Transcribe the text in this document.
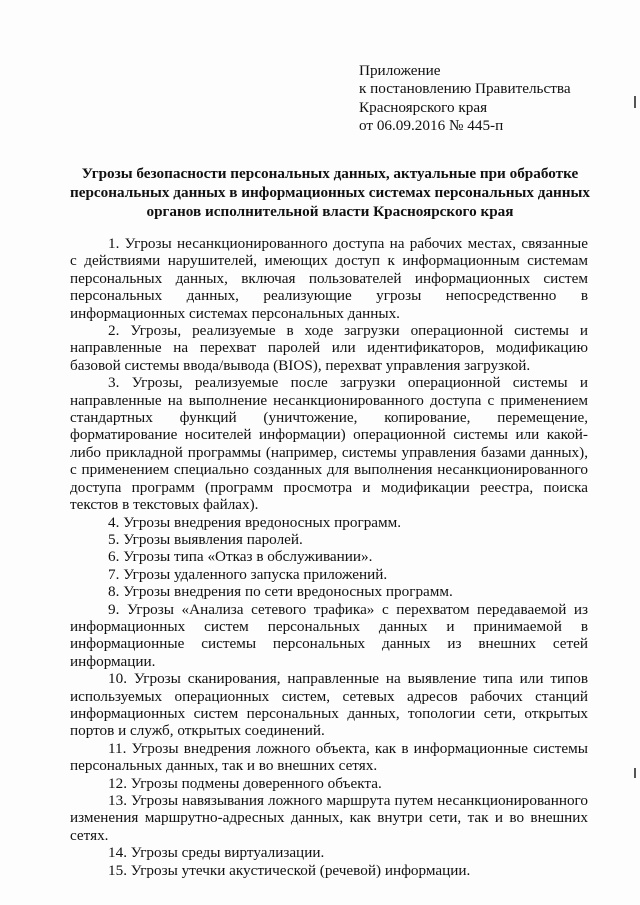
Приложение
к постановлению Правительства
Красноярского края
от 06.09.2016 № 445-п
Угрозы безопасности персональных данных, актуальные при обработке
персональных данных в информационных системах персональных данных
органов исполнительной власти Красноярского края

1. Угрозы несанкционированного доступа на рабочих местах, связанные с действиями нарушителей, имеющих доступ к информационным системам персональных данных, включая пользователей информационных систем персональных данных, реализующие угрозы непосредственно в информационных системах персональных данных.

2. Угрозы, реализуемые в ходе загрузки операционной системы и направленные на перехват паролей или идентификаторов, модификацию базовой системы ввода/вывода (BIOS), перехват управления загрузкой.

3. Угрозы, реализуемые после загрузки операционной системы и направленные на выполнение несанкционированного доступа с применением стандартных функций (уничтожение, копирование, перемещение, форматирование носителей информации) операционной системы или какой-либо прикладной программы (например, системы управления базами данных), с применением специально созданных для выполнения несанкционированного доступа программ (программ просмотра и модификации реестра, поиска текстов в текстовых файлах).

4. Угрозы внедрения вредоносных программ.

5. Угрозы выявления паролей.

6. Угрозы типа «Отказ в обслуживании».

7. Угрозы удаленного запуска приложений.

8. Угрозы внедрения по сети вредоносных программ.

9. Угрозы «Анализа сетевого трафика» с перехватом передаваемой из информационных систем персональных данных и принимаемой в информационные системы персональных данных из внешних сетей информации.

10. Угрозы сканирования, направленные на выявление типа или типов используемых операционных систем, сетевых адресов рабочих станций информационных систем персональных данных, топологии сети, открытых портов и служб, открытых соединений.

11. Угрозы внедрения ложного объекта, как в информационные системы персональных данных, так и во внешних сетях.

12. Угрозы подмены доверенного объекта.

13. Угрозы навязывания ложного маршрута путем несанкционированного изменения маршрутно-адресных данных, как внутри сети, так и во внешних сетях.

14. Угрозы среды виртуализации.

15. Угрозы утечки акустической (речевой) информации.
